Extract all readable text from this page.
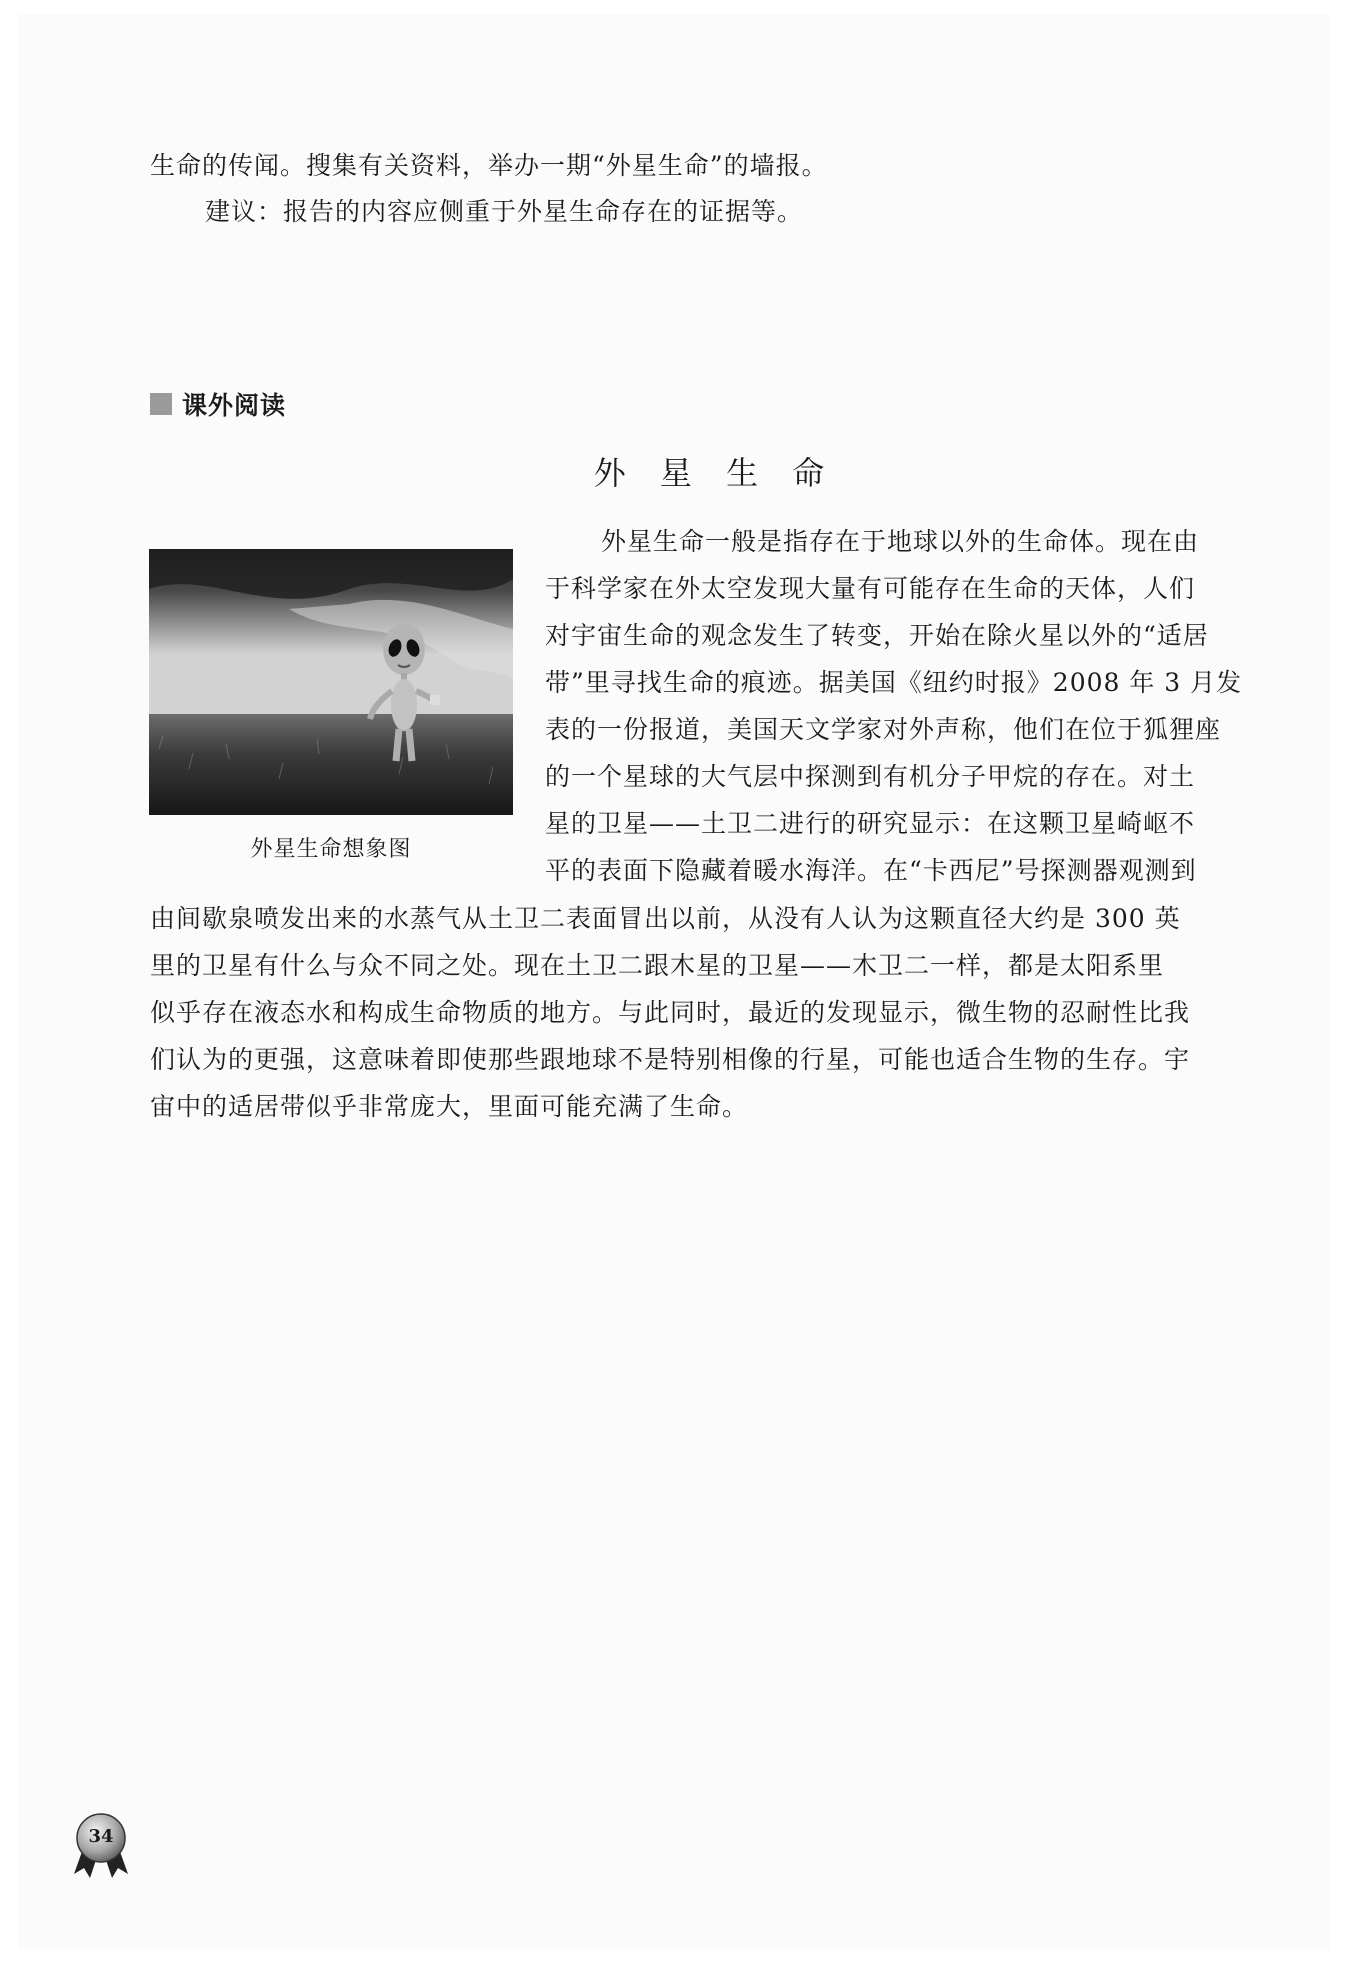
生命的传闻。搜集有关资料，举办一期“外星生命”的墙报。

建议：报告的内容应侧重于外星生命存在的证据等。

课外阅读
外 星 生 命
外星生命想象图

外星生命一般是指存在于地球以外的生命体。现在由

于科学家在外太空发现大量有可能存在生命的天体，人们

对宇宙生命的观念发生了转变，开始在除火星以外的“适居

带”里寻找生命的痕迹。据美国《纽约时报》2008 年 3 月发

表的一份报道，美国天文学家对外声称，他们在位于狐狸座

的一个星球的大气层中探测到有机分子甲烷的存在。对土

星的卫星——土卫二进行的研究显示：在这颗卫星崎岖不

平的表面下隐藏着暖水海洋。在“卡西尼”号探测器观测到

由间歇泉喷发出来的水蒸气从土卫二表面冒出以前，从没有人认为这颗直径大约是 300 英

里的卫星有什么与众不同之处。现在土卫二跟木星的卫星——木卫二一样，都是太阳系里

似乎存在液态水和构成生命物质的地方。与此同时，最近的发现显示，微生物的忍耐性比我

们认为的更强，这意味着即使那些跟地球不是特别相像的行星，可能也适合生物的生存。宇

宙中的适居带似乎非常庞大，里面可能充满了生命。

34
